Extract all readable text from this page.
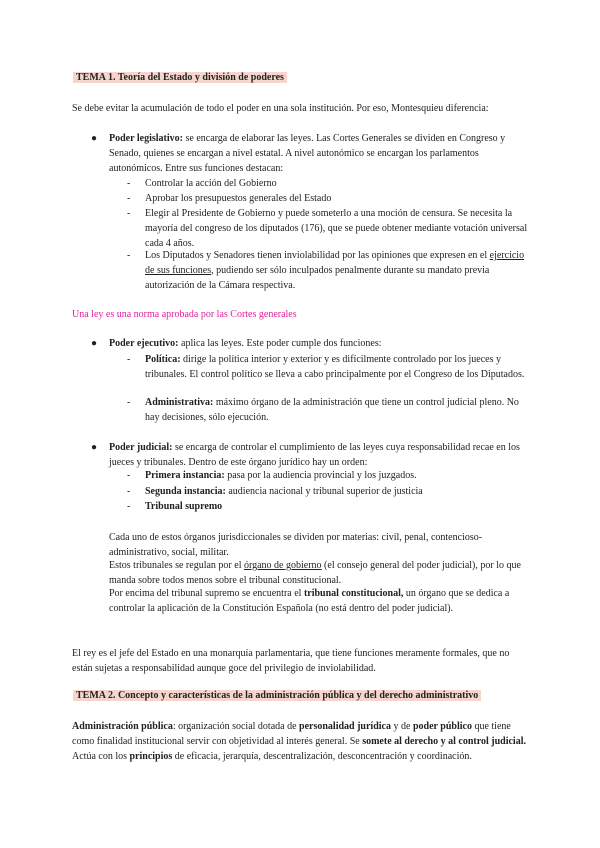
TEMA 1. Teoría del Estado y división de poderes
Se debe evitar la acumulación de todo el poder en una sola institución. Por eso, Montesquieu diferencia:
● Poder legislativo: se encarga de elaborar las leyes. Las Cortes Generales se dividen en Congreso y Senado, quienes se encargan a nivel estatal. A nivel autonómico se encargan los parlamentos autonómicos. Entre sus funciones destacan:
- Controlar la acción del Gobierno
- Aprobar los presupuestos generales del Estado
- Elegir al Presidente de Gobierno y puede someterlo a una moción de censura. Se necesita la mayoría del congreso de los diputados (176), que se puede obtener mediante votación universal cada 4 años.
- Los Diputados y Senadores tienen inviolabilidad por las opiniones que expresen en el ejercicio de sus funciones, pudiendo ser sólo inculpados penalmente durante su mandato previa autorización de la Cámara respectiva.
Una ley es una norma aprobada por las Cortes generales
● Poder ejecutivo: aplica las leyes. Este poder cumple dos funciones:
- Política: dirige la política interior y exterior y es difícilmente controlado por los jueces y tribunales. El control político se lleva a cabo principalmente por el Congreso de los Diputados.
- Administrativa: máximo órgano de la administración que tiene un control judicial pleno. No hay decisiones, sólo ejecución.
● Poder judicial: se encarga de controlar el cumplimiento de las leyes cuya responsabilidad recae en los jueces y tribunales. Dentro de este órgano jurídico hay un orden:
- Primera instancia: pasa por la audiencia provincial y los juzgados.
- Segunda instancia: audiencia nacional y tribunal superior de justicia
- Tribunal supremo
Cada uno de estos órganos jurisdiccionales se dividen por materias: civil, penal, contencioso-administrativo, social, militar.
Estos tribunales se regulan por el órgano de gobierno (el consejo general del poder judicial), por lo que manda sobre todos menos sobre el tribunal constitucional.
Por encima del tribunal supremo se encuentra el tribunal constitucional, un órgano que se dedica a controlar la aplicación de la Constitución Española (no está dentro del poder judicial).
El rey es el jefe del Estado en una monarquía parlamentaria, que tiene funciones meramente formales, que no están sujetas a responsabilidad aunque goce del privilegio de inviolabilidad.
TEMA 2. Concepto y características de la administración pública y del derecho administrativo
Administración pública: organización social dotada de personalidad jurídica y de poder público que tiene como finalidad institucional servir con objetividad al interés general. Se somete al derecho y al control judicial. Actúa con los principios de eficacia, jerarquía, descentralización, desconcentración y coordinación.
